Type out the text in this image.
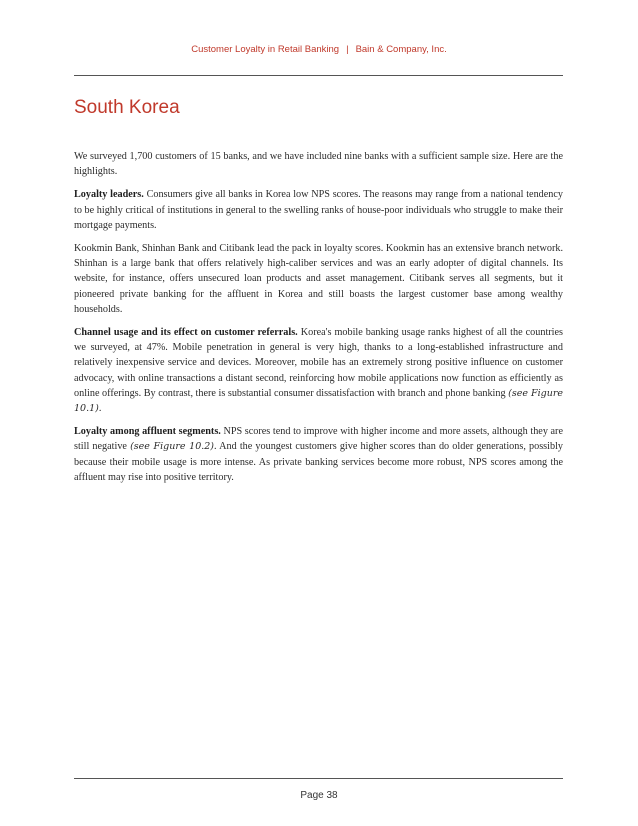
Customer Loyalty in Retail Banking | Bain & Company, Inc.
South Korea

We surveyed 1,700 customers of 15 banks, and we have included nine banks with a sufficient sample size. Here are the highlights.

Loyalty leaders. Consumers give all banks in Korea low NPS scores. The reasons may range from a national tendency to be highly critical of institutions in general to the swelling ranks of house-poor individuals who struggle to make their mortgage payments.

Kookmin Bank, Shinhan Bank and Citibank lead the pack in loyalty scores. Kookmin has an extensive branch network. Shinhan is a large bank that offers relatively high-caliber services and was an early adopter of digital channels. Its website, for instance, offers unsecured loan products and asset management. Citibank serves all segments, but it pioneered private banking for the affluent in Korea and still boasts the largest customer base among wealthy households.

Channel usage and its effect on customer referrals. Korea's mobile banking usage ranks highest of all the countries we surveyed, at 47%. Mobile penetration in general is very high, thanks to a long-established infrastructure and relatively inexpensive service and devices. Moreover, mobile has an extremely strong positive influence on customer advocacy, with online transactions a distant second, reinforcing how mobile applications now function as efficiently as online offerings. By contrast, there is substantial consumer dissatisfaction with branch and phone banking (see Figure 10.1).

Loyalty among affluent segments. NPS scores tend to improve with higher income and more assets, although they are still negative (see Figure 10.2). And the youngest customers give higher scores than do older generations, possibly because their mobile usage is more intense. As private banking services become more robust, NPS scores among the affluent may rise into positive territory.

Page 38
